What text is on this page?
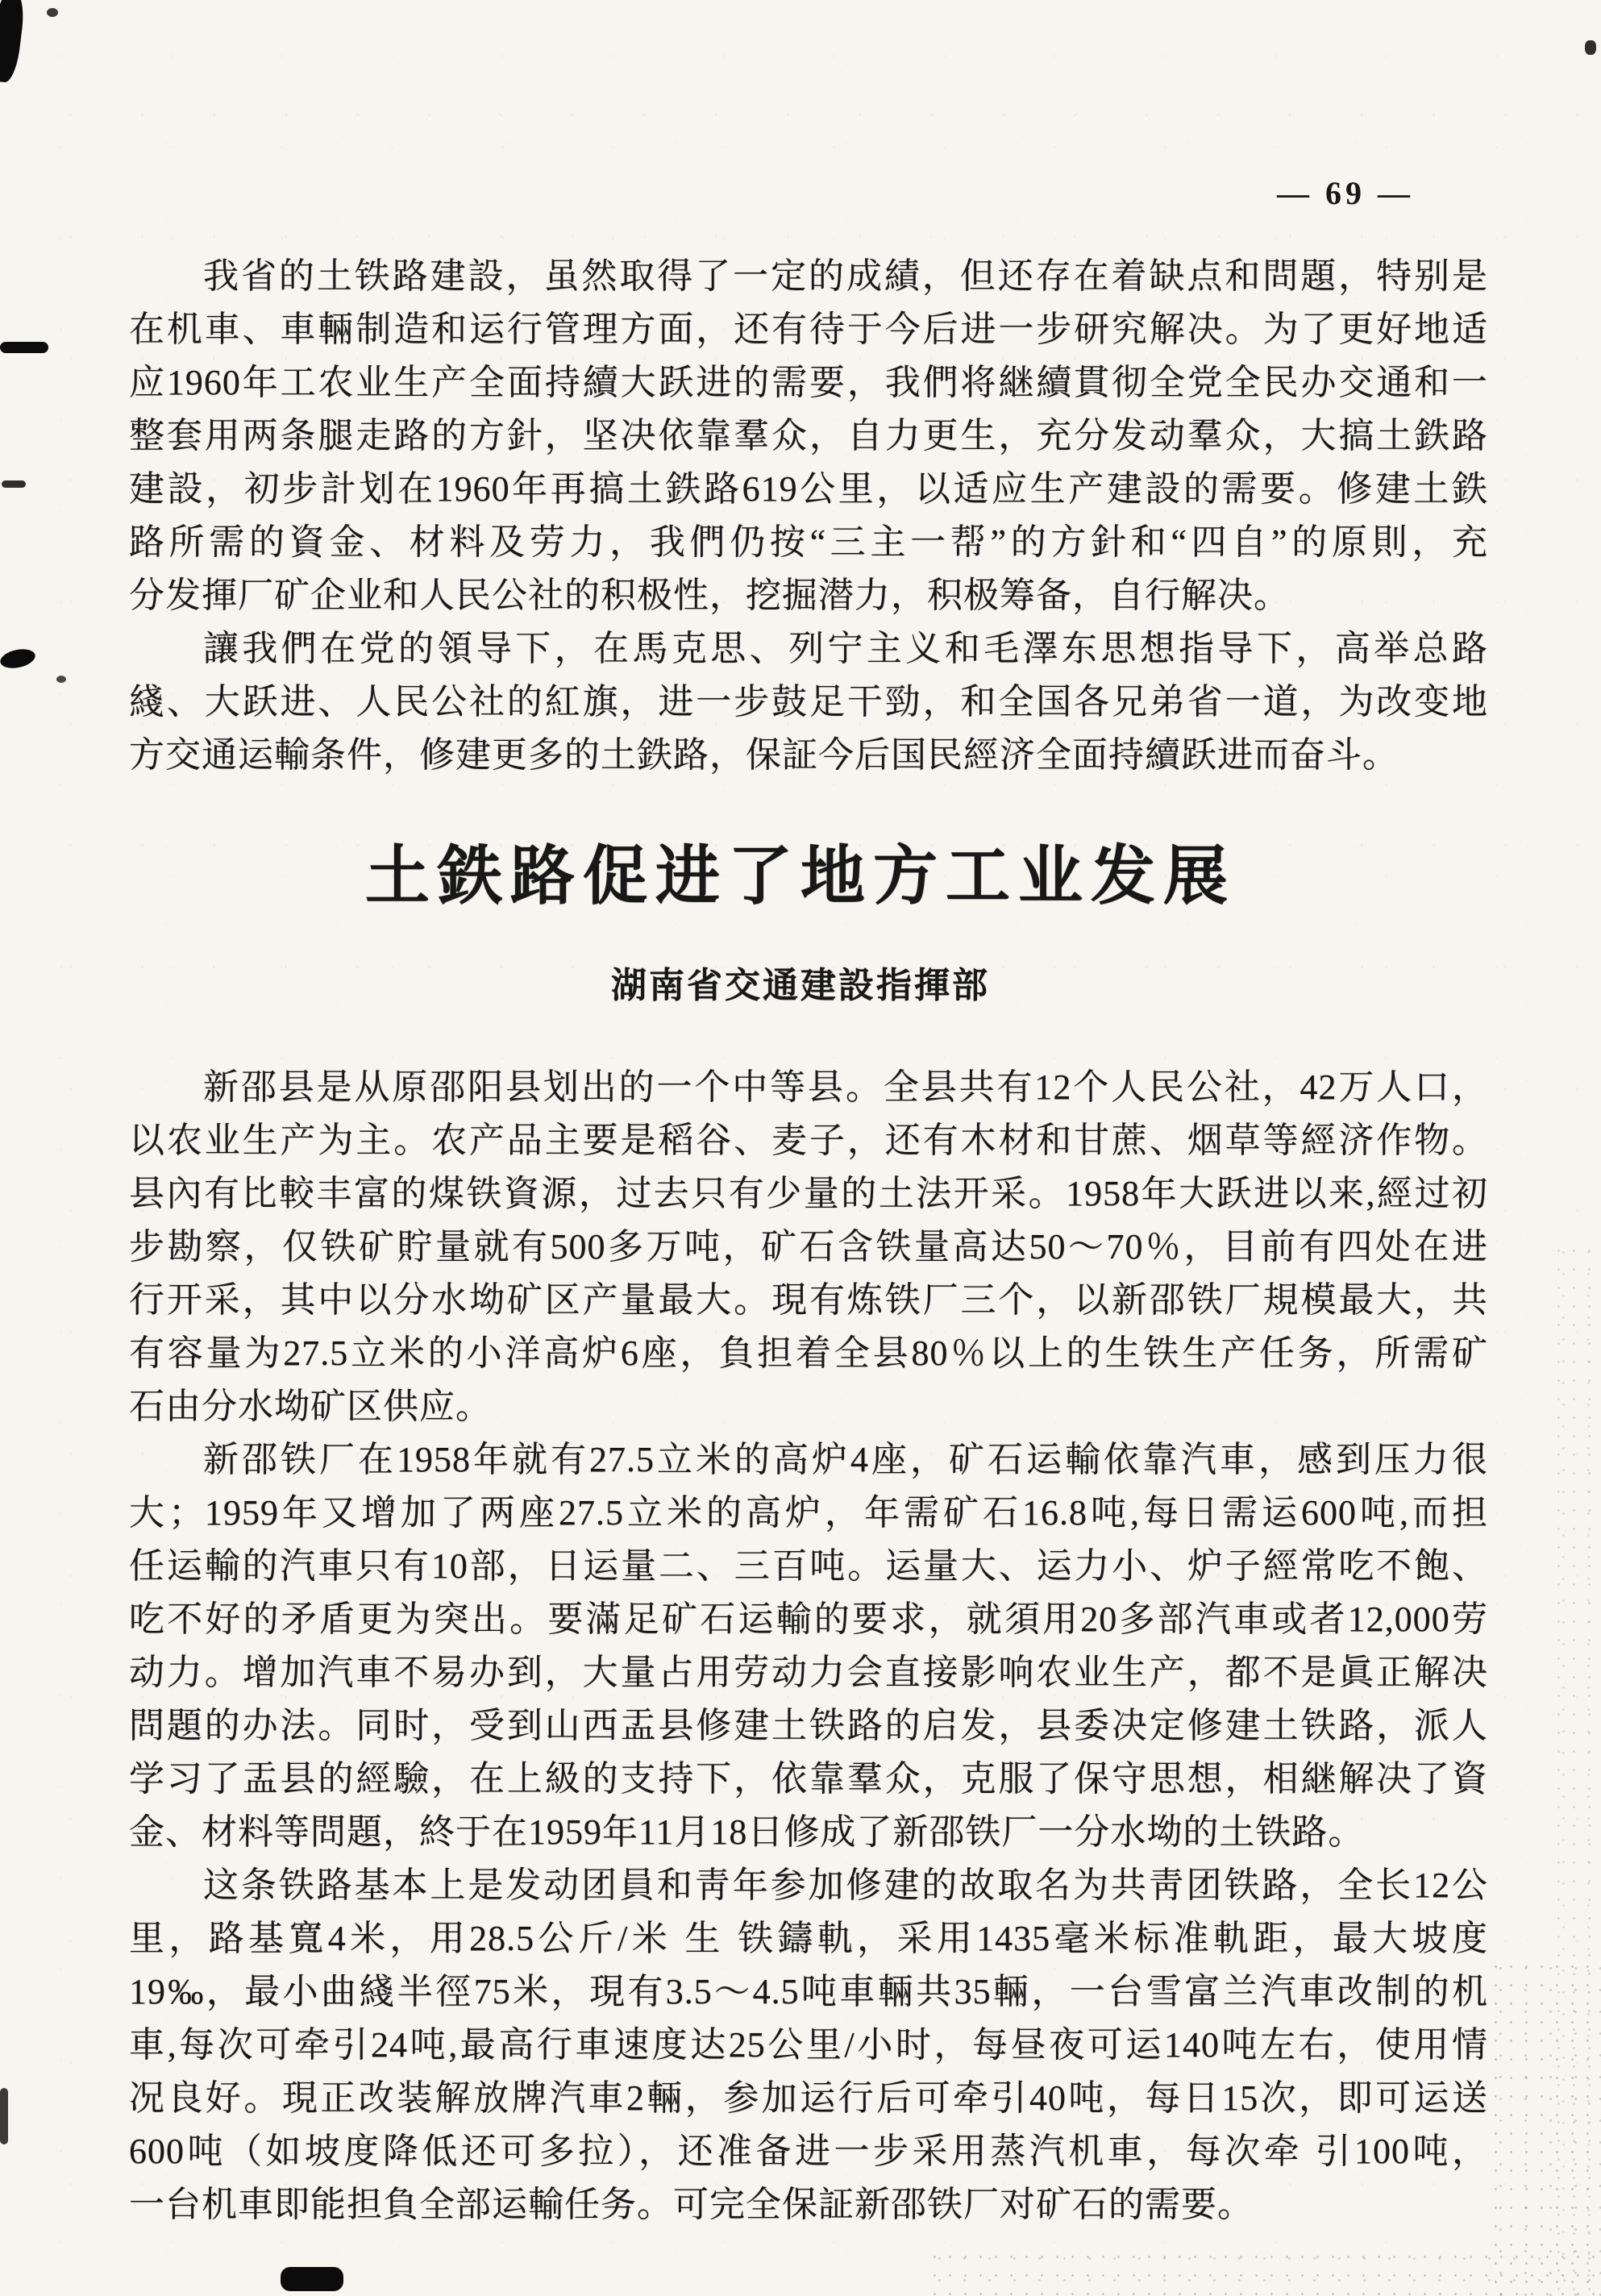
— 69 —
我省的土铁路建設，虽然取得了一定的成績，但还存在着缺点和問題，特别是
在机車、車輛制造和运行管理方面，还有待于今后进一步研究解决。为了更好地适
应1960年工农业生产全面持續大跃进的需要，我們将継續貫彻全党全民办交通和一
整套用两条腿走路的方針，坚决依靠羣众，自力更生，充分发动羣众，大搞土鉄路
建設，初步計划在1960年再搞土鉄路619公里，以适应生产建設的需要。修建土鉄
路所需的資金、材料及劳力，我們仍按“三主一帮”的方針和“四自”的原則，充
分发揮厂矿企业和人民公社的积极性，挖掘潜力，积极筹备，自行解决。
讓我們在党的領导下，在馬克思、列宁主义和毛澤东思想指导下，高举总路
綫、大跃进、人民公社的紅旗，进一步鼓足干勁，和全国各兄弟省一道，为改变地
方交通运輸条件，修建更多的土鉄路，保証今后国民經济全面持續跃进而奋斗。
土鉄路促进了地方工业发展
湖南省交通建設指揮部
新邵县是从原邵阳县划出的一个中等县。全县共有12个人民公社，42万人口，
以农业生产为主。农产品主要是稻谷、麦子，还有木材和甘蔗、烟草等經济作物。
县內有比較丰富的煤铁資源，过去只有少量的土法开采。1958年大跃进以来,經过初
步勘察，仅铁矿貯量就有500多万吨，矿石含铁量高达50～70％，目前有四处在进
行开采，其中以分水坳矿区产量最大。現有炼铁厂三个，以新邵铁厂規模最大，共
有容量为27.5立米的小洋高炉6座，負担着全县80％以上的生铁生产任务，所需矿
石由分水坳矿区供应。
新邵铁厂在1958年就有27.5立米的高炉4座，矿石运輸依靠汽車，感到压力很
大；1959年又增加了两座27.5立米的高炉，年需矿石16.8吨,每日需运600吨,而担
任运輸的汽車只有10部，日运量二、三百吨。运量大、运力小、炉子經常吃不飽、
吃不好的矛盾更为突出。要滿足矿石运輸的要求，就須用20多部汽車或者12,000劳
动力。增加汽車不易办到，大量占用劳动力会直接影响农业生产，都不是眞正解决
問題的办法。同时，受到山西盂县修建土铁路的启发，县委决定修建土铁路，派人
学习了盂县的經驗，在上級的支持下，依靠羣众，克服了保守思想，相継解决了資
金、材料等問題，終于在1959年11月18日修成了新邵铁厂一分水坳的土铁路。
这条铁路基本上是发动团員和靑年参加修建的故取名为共靑团铁路，全长12公
里，路基寬4米，用28.5公斤/米 生 铁鑄軌，采用1435毫米标准軌距，最大坡度
19‰，最小曲綫半徑75米，現有3.5～4.5吨車輛共35輛，一台雪富兰汽車改制的机
車,每次可牵引24吨,最高行車速度达25公里/小时，每昼夜可运140吨左右，使用情
况良好。現正改装解放牌汽車2輛，参加运行后可牵引40吨，每日15次，即可运送
600吨（如坡度降低还可多拉），还准备进一步采用蒸汽机車，每次牵 引100吨，
一台机車即能担負全部运輸任务。可完全保証新邵铁厂对矿石的需要。
